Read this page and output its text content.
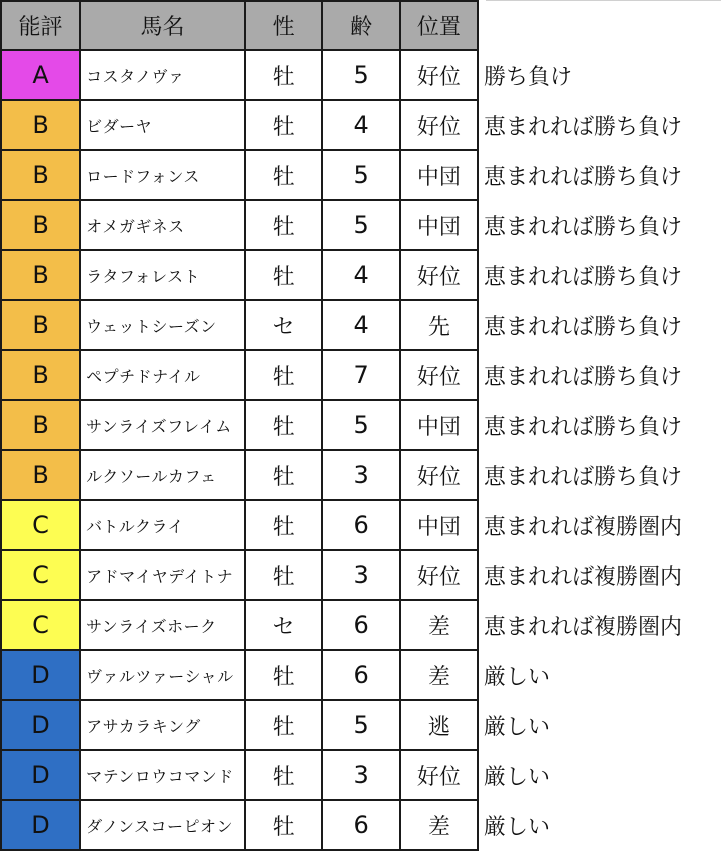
能評	馬名	性	齢	位置	
A	コスタノヴァ	牡	5	好位	勝ち負け
B	ビダーヤ	牡	4	好位	恵まれれば勝ち負け
B	ロードフォンス	牡	5	中団	恵まれれば勝ち負け
B	オメガギネス	牡	5	中団	恵まれれば勝ち負け
B	ラタフォレスト	牡	4	好位	恵まれれば勝ち負け
B	ウェットシーズン	セ	4	先	恵まれれば勝ち負け
B	ペプチドナイル	牡	7	好位	恵まれれば勝ち負け
B	サンライズフレイム	牡	5	中団	恵まれれば勝ち負け
B	ルクソールカフェ	牡	3	好位	恵まれれば勝ち負け
C	バトルクライ	牡	6	中団	恵まれれば複勝圏内
C	アドマイヤデイトナ	牡	3	好位	恵まれれば複勝圏内
C	サンライズホーク	セ	6	差	恵まれれば複勝圏内
D	ヴァルツァーシャル	牡	6	差	厳しい
D	アサカラキング	牡	5	逃	厳しい
D	マテンロウコマンド	牡	3	好位	厳しい
D	ダノンスコーピオン	牡	6	差	厳しい
